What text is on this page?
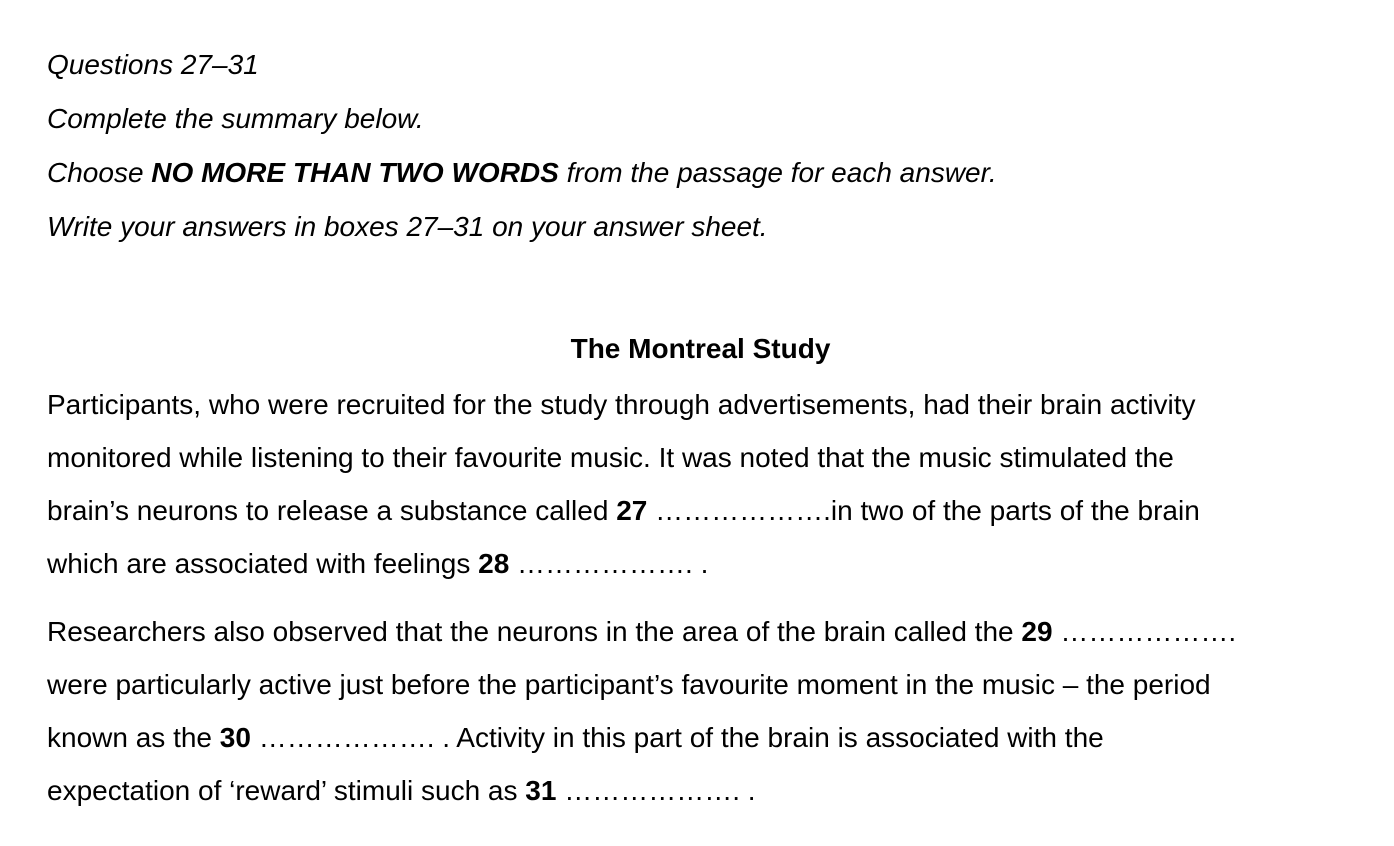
Questions 27–31
Complete the summary below.
Choose NO MORE THAN TWO WORDS from the passage for each answer.
Write your answers in boxes 27–31 on your answer sheet.
The Montreal Study
Participants, who were recruited for the study through advertisements, had their brain activity
monitored while listening to their favourite music. It was noted that the music stimulated the
brain’s neurons to release a substance called 27 ……………….in two of the parts of the brain
which are associated with feelings 28 ………………. .
Researchers also observed that the neurons in the area of the brain called the 29 ……………….
were particularly active just before the participant’s favourite moment in the music – the period
known as the 30 ………………. . Activity in this part of the brain is associated with the
expectation of ‘reward’ stimuli such as 31 ………………. .
